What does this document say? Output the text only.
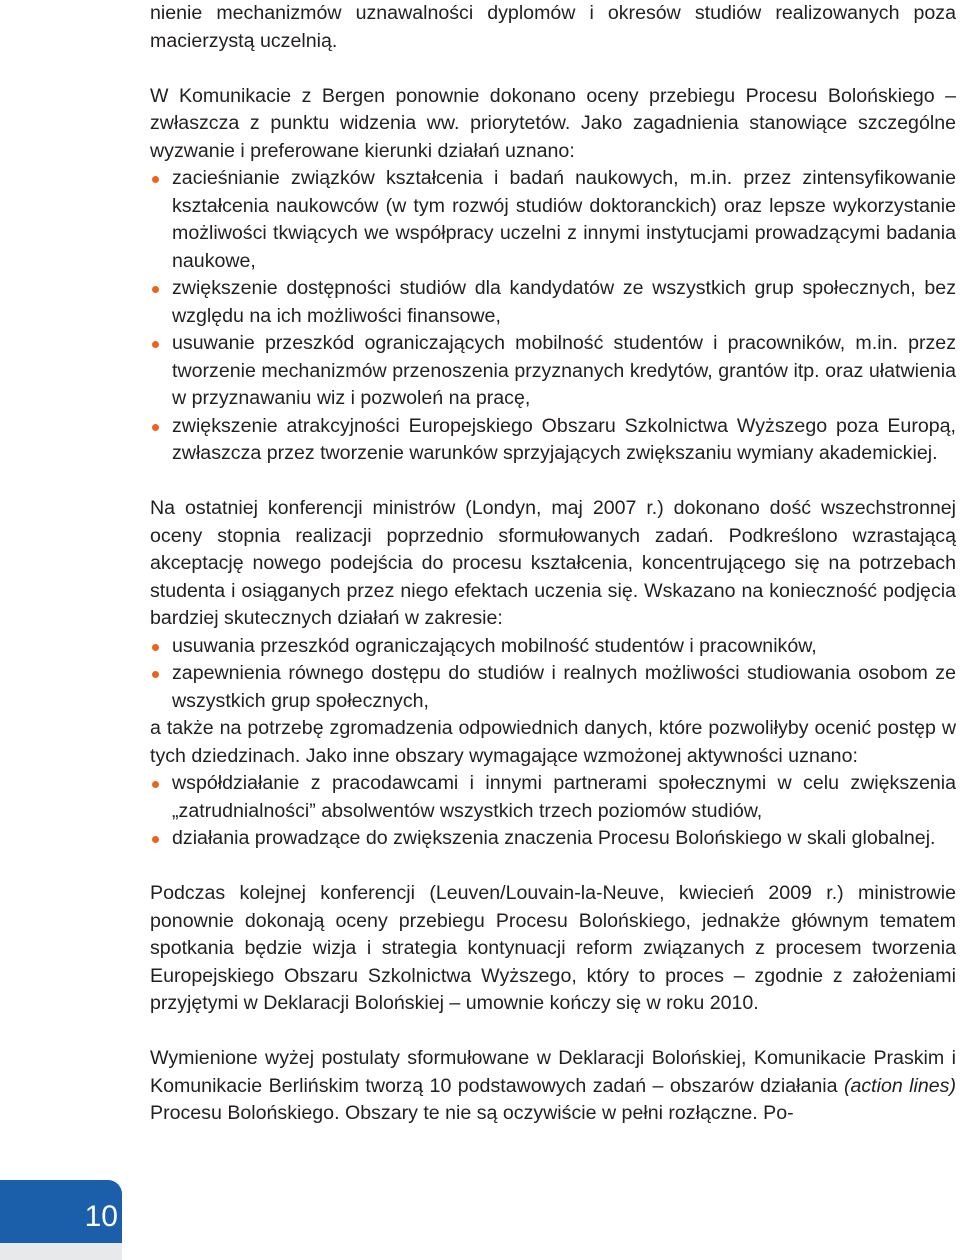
nienie mechanizmów uznawalności dyplomów i okresów studiów realizowanych poza macierzystą uczelnią.

W Komunikacie z Bergen ponownie dokonano oceny przebiegu Procesu Bolońskiego – zwłaszcza z punktu widzenia ww. priorytetów. Jako zagadnienia stanowiące szczególne wyzwanie i preferowane kierunki działań uznano:

zacieśnianie związków kształcenia i badań naukowych, m.in. przez zintensyfikowanie kształcenia naukowców (w tym rozwój studiów doktoranckich) oraz lepsze wykorzystanie możliwości tkwiących we współpracy uczelni z innymi instytucjami prowadzącymi badania naukowe,
zwiększenie dostępności studiów dla kandydatów ze wszystkich grup społecznych, bez względu na ich możliwości finansowe,
usuwanie przeszkód ograniczających mobilność studentów i pracowników, m.in. przez tworzenie mechanizmów przenoszenia przyznanych kredytów, grantów itp. oraz ułatwienia w przyznawaniu wiz i pozwoleń na pracę,
zwiększenie atrakcyjności Europejskiego Obszaru Szkolnictwa Wyższego poza Europą, zwłaszcza przez tworzenie warunków sprzyjających zwiększaniu wymiany akademickiej.

Na ostatniej konferencji ministrów (Londyn, maj 2007 r.) dokonano dość wszechstronnej oceny stopnia realizacji poprzednio sformułowanych zadań. Podkreślono wzrastającą akceptację nowego podejścia do procesu kształcenia, koncentrującego się na potrzebach studenta i osiąganych przez niego efektach uczenia się. Wskazano na konieczność podjęcia bardziej skutecznych działań w zakresie:

usuwania przeszkód ograniczających mobilność studentów i pracowników,
zapewnienia równego dostępu do studiów i realnych możliwości studiowania osobom ze wszystkich grup społecznych,

a także na potrzebę zgromadzenia odpowiednich danych, które pozwoliłyby ocenić postęp w tych dziedzinach. Jako inne obszary wymagające wzmożonej aktywności uznano:

współdziałanie z pracodawcami i innymi partnerami społecznymi w celu zwiększenia „zatrudnialności” absolwentów wszystkich trzech poziomów studiów,
działania prowadzące do zwiększenia znaczenia Procesu Bolońskiego w skali globalnej.

Podczas kolejnej konferencji (Leuven/Louvain-la-Neuve, kwiecień 2009 r.) ministrowie ponownie dokonają oceny przebiegu Procesu Bolońskiego, jednakże głównym tematem spotkania będzie wizja i strategia kontynuacji reform związanych z procesem tworzenia Europejskiego Obszaru Szkolnictwa Wyższego, który to proces – zgodnie z założeniami przyjętymi w Deklaracji Bolońskiej – umownie kończy się w roku 2010.

Wymienione wyżej postulaty sformułowane w Deklaracji Bolońskiej, Komunikacie Praskim i Komunikacie Berlińskim tworzą 10 podstawowych zadań – obszarów działania (action lines) Procesu Bolońskiego. Obszary te nie są oczywiście w pełni rozłączne. Po-

10
